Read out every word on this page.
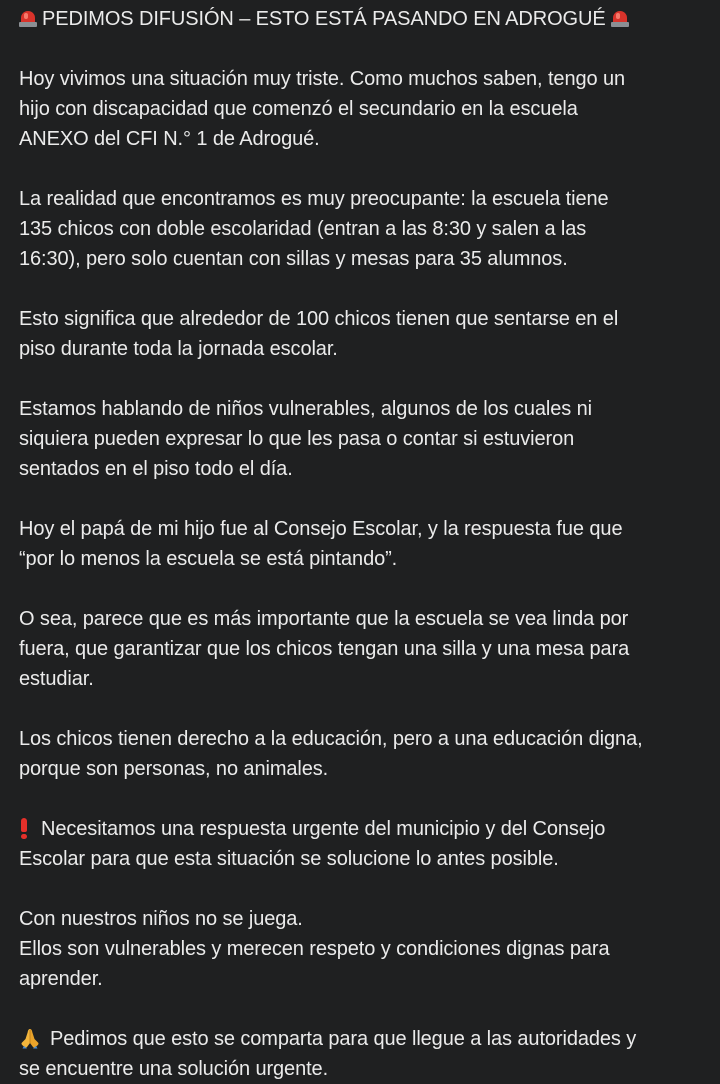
PEDIMOS DIFUSIÓN – ESTO ESTÁ PASANDO EN ADROGUÉ

Hoy vivimos una situación muy triste. Como muchos saben, tengo un
hijo con discapacidad que comenzó el secundario en la escuela
ANEXO del CFI N.° 1 de Adrogué.

La realidad que encontramos es muy preocupante: la escuela tiene
135 chicos con doble escolaridad (entran a las 8:30 y salen a las
16:30), pero solo cuentan con sillas y mesas para 35 alumnos.

Esto significa que alrededor de 100 chicos tienen que sentarse en el
piso durante toda la jornada escolar.

Estamos hablando de niños vulnerables, algunos de los cuales ni
siquiera pueden expresar lo que les pasa o contar si estuvieron
sentados en el piso todo el día.

Hoy el papá de mi hijo fue al Consejo Escolar, y la respuesta fue que
“por lo menos la escuela se está pintando”.

O sea, parece que es más importante que la escuela se vea linda por
fuera, que garantizar que los chicos tengan una silla y una mesa para
estudiar.

Los chicos tienen derecho a la educación, pero a una educación digna,
porque son personas, no animales.

Necesitamos una respuesta urgente del municipio y del Consejo
Escolar para que esta situación se solucione lo antes posible.

Con nuestros niños no se juega.
Ellos son vulnerables y merecen respeto y condiciones dignas para
aprender.

Pedimos que esto se comparta para que llegue a las autoridades y
se encuentre una solución urgente.
